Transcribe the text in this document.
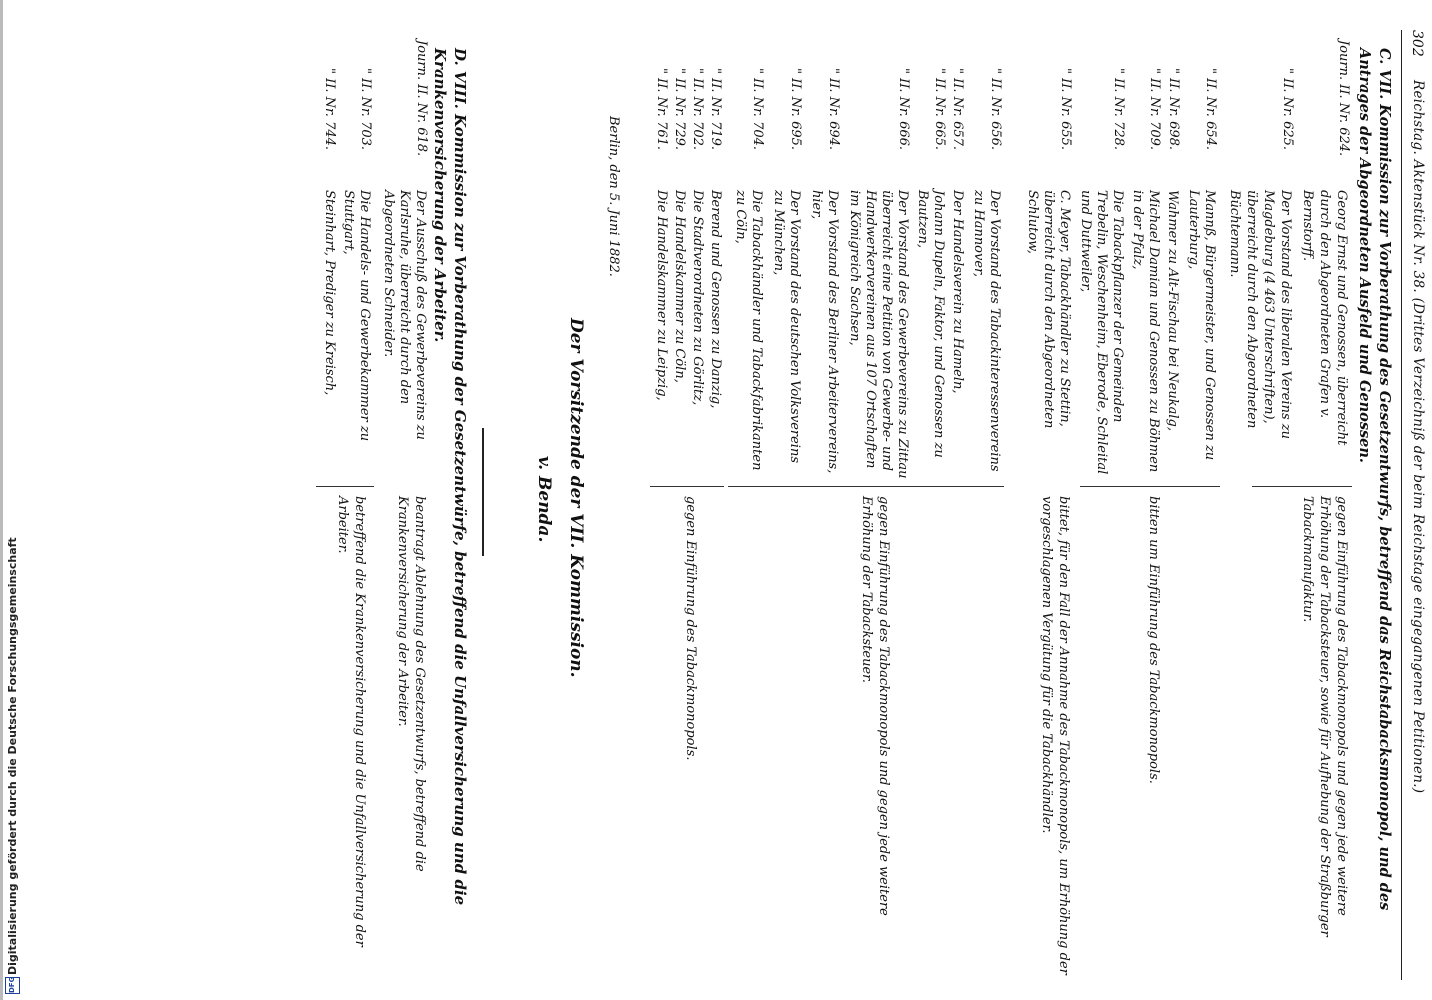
302
Reichstag. Aktenstück Nr. 38. (Drittes Verzeichniß der beim Reichstage eingegangenen Petitionen.)
C. VII. Kommission zur Vorberathung des Gesetzentwurfs, betreffend das Reichstabacksmonopol, und des Antrages der Abgeordneten Ausfeld und Genossen.
Journ. II. Nr. 624.
Georg Ernst und Genossen, überreicht durch den Abgeordneten Grafen v. Bernstorff.
gegen Einführung des Tabackmonopols und gegen jede weitere Erhöhung der Tabacksteuer, sowie für Aufhebung der Straßburger Tabackmanufaktur.
" II. Nr. 625.
Der Vorstand des liberalen Vereins zu Magdeburg (4 463 Unterschriften), überreicht durch den Abgeordneten Büchtemann.
" II. Nr. 654.
Mannß, Bürgermeister, und Genossen zu Lauterburg,
" II. Nr. 698.
Wahmer zu Alt-Fischau bei Neukalg,
" II. Nr. 709.
Michael Damian und Genossen zu Böhmen in der Pfalz,
" II. Nr. 728.
Die Tabackpflanzer der Gemeinden Trebelin, Weschenheim, Eberode, Schleital und Duttweiler,
bitten um Einführung des Tabackmonopols.
" II. Nr. 655.
C. Meyer, Tabackhändler zu Stettin, überreicht durch den Abgeordneten Schlutow,
bittet, für den Fall der Annahme des Tabackmonopols, um Erhöhung der vorgeschlagenen Vergütung für die Tabackhändler.
" II. Nr. 656.
Der Vorstand des Tabackinteressenvereins zu Hannover,
" II. Nr. 657.
Der Handelsverein zu Hameln,
" II. Nr. 665.
Johann Dupeln, Faktor, und Genossen zu Bautzen,
" II. Nr. 666.
Der Vorstand des Gewerbevereins zu Zittau überreicht eine Petition von Gewerbe- und Handwerkervereinen aus 107 Ortschaften im Königreich Sachsen,
" II. Nr. 694.
Der Vorstand des Berliner Arbeitervereins, hier,
" II. Nr. 695.
Der Vorstand des deutschen Volksvereins zu München,
" II. Nr. 704.
Die Tabackhändler und Tabackfabrikanten zu Cöln,
gegen Einführung des Tabackmonopols und gegen jede weitere Erhöhung der Tabacksteuer.
" II. Nr. 719.
Berend und Genossen zu Danzig,
" II. Nr. 702.
Die Stadtverordneten zu Görlitz,
" II. Nr. 729.
Die Handelskammer zu Cöln,
" II. Nr. 761.
Die Handelskammer zu Leipzig,
gegen Einführung des Tabackmonopols.
Berlin, den 5. Juni 1882.
Der Vorsitzende der VII. Kommission.
v. Benda.
D. VIII. Kommission zur Vorberathung der Gesetzentwürfe, betreffend die Unfallversicherung und die Krankenversicherung der Arbeiter.
Journ. II. Nr. 618.
Der Ausschuß des Gewerbevereins zu Karlsruhe, überreicht durch den Abgeordneten Schneider.
beantragt Ablehnung des Gesetzentwurfs, betreffend die Krankenversicherung der Arbeiter.
" II. Nr. 703.
Die Handels- und Gewerbekammer zu Stuttgart,
" II. Nr. 744.
Steinhart, Prediger zu Kreisch,
betreffend die Krankenversicherung und die Unfallversicherung der Arbeiter.
DFG
Digitalisierung gefördert durch die Deutsche Forschungsgemeinschaft
